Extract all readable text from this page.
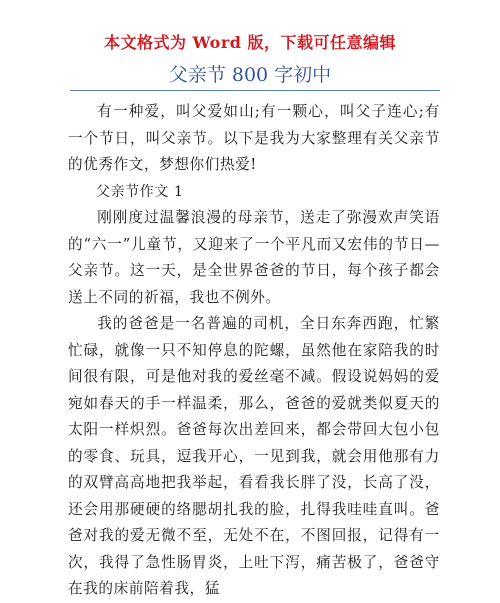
本文格式为 Word 版，下载可任意编辑
父亲节 800 字初中

有一种爱，叫父爱如山;有一颗心，叫父子连心;有一个节日，叫父亲节。以下是我为大家整理有关父亲节的优秀作文，梦想你们热爱!

父亲节作文 1

刚刚度过温馨浪漫的母亲节，送走了弥漫欢声笑语的“六一”儿童节，又迎来了一个平凡而又宏伟的节日—父亲节。这一天，是全世界爸爸的节日，每个孩子都会送上不同的祈福，我也不例外。

我的爸爸是一名普遍的司机，全日东奔西跑，忙繁忙碌，就像一只不知停息的陀螺，虽然他在家陪我的时间很有限，可是他对我的爱丝毫不减。假设说妈妈的爱宛如春天的手一样温柔，那么，爸爸的爱就类似夏天的太阳一样炽烈。爸爸每次出差回来，都会带回大包小包的零食、玩具，逗我开心，一见到我，就会用他那有力的双臂高高地把我举起，看看我长胖了没，长高了没，还会用那硬硬的络腮胡扎我的脸，扎得我哇哇直叫。爸爸对我的爱无微不至，无处不在，不图回报，记得有一次，我得了急性肠胃炎，上吐下泻，痛苦极了，爸爸守在我的床前陪着我，猛
